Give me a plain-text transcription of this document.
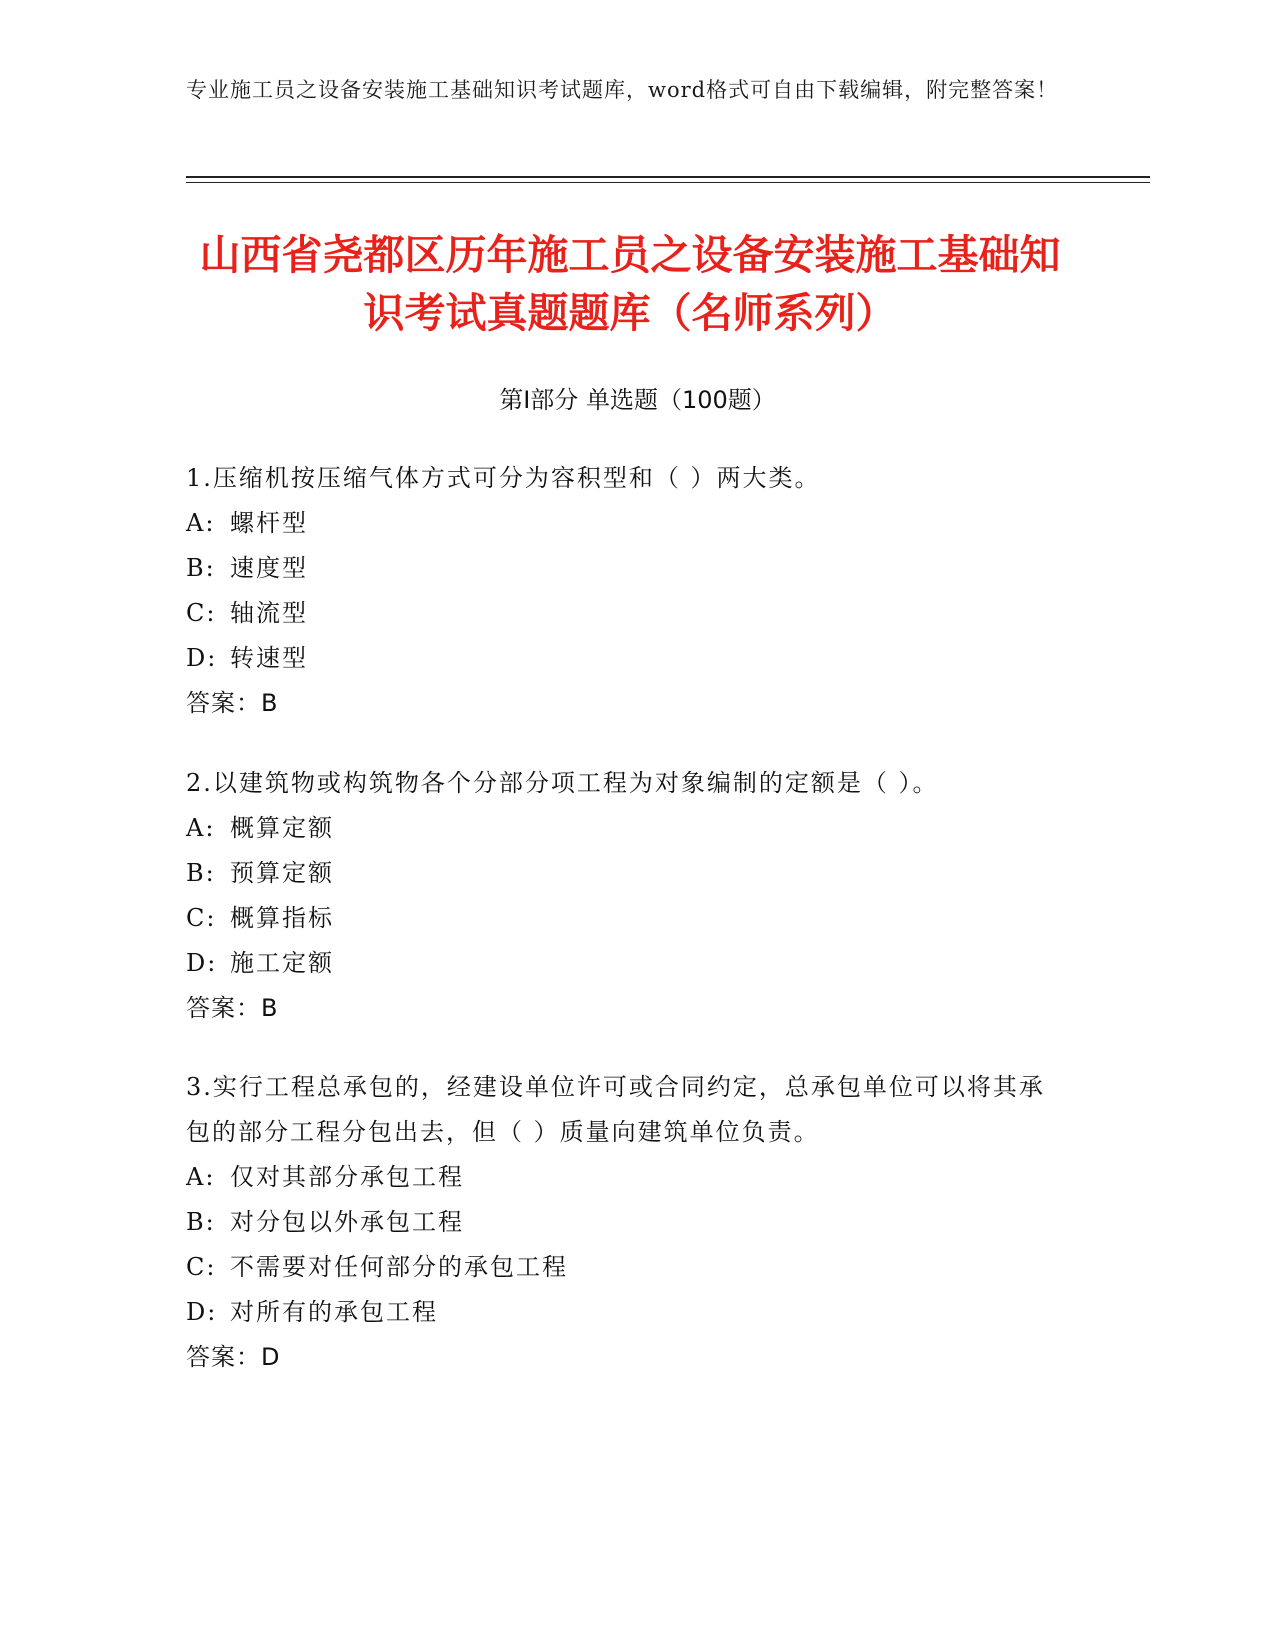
专业施工员之设备安装施工基础知识考试题库，word格式可自由下载编辑，附完整答案！
山西省尧都区历年施工员之设备安装施工基础知识考试真题题库（名师系列）
第I部分 单选题（100题）
1.压缩机按压缩气体方式可分为容积型和（ ）两大类。
A: 螺杆型
B: 速度型
C: 轴流型
D: 转速型
答案：B
2.以建筑物或构筑物各个分部分项工程为对象编制的定额是（ ）。
A: 概算定额
B: 预算定额
C: 概算指标
D: 施工定额
答案：B
3.实行工程总承包的，经建设单位许可或合同约定，总承包单位可以将其承包的部分工程分包出去，但（ ）质量向建筑单位负责。
A: 仅对其部分承包工程
B: 对分包以外承包工程
C: 不需要对任何部分的承包工程
D: 对所有的承包工程
答案：D
